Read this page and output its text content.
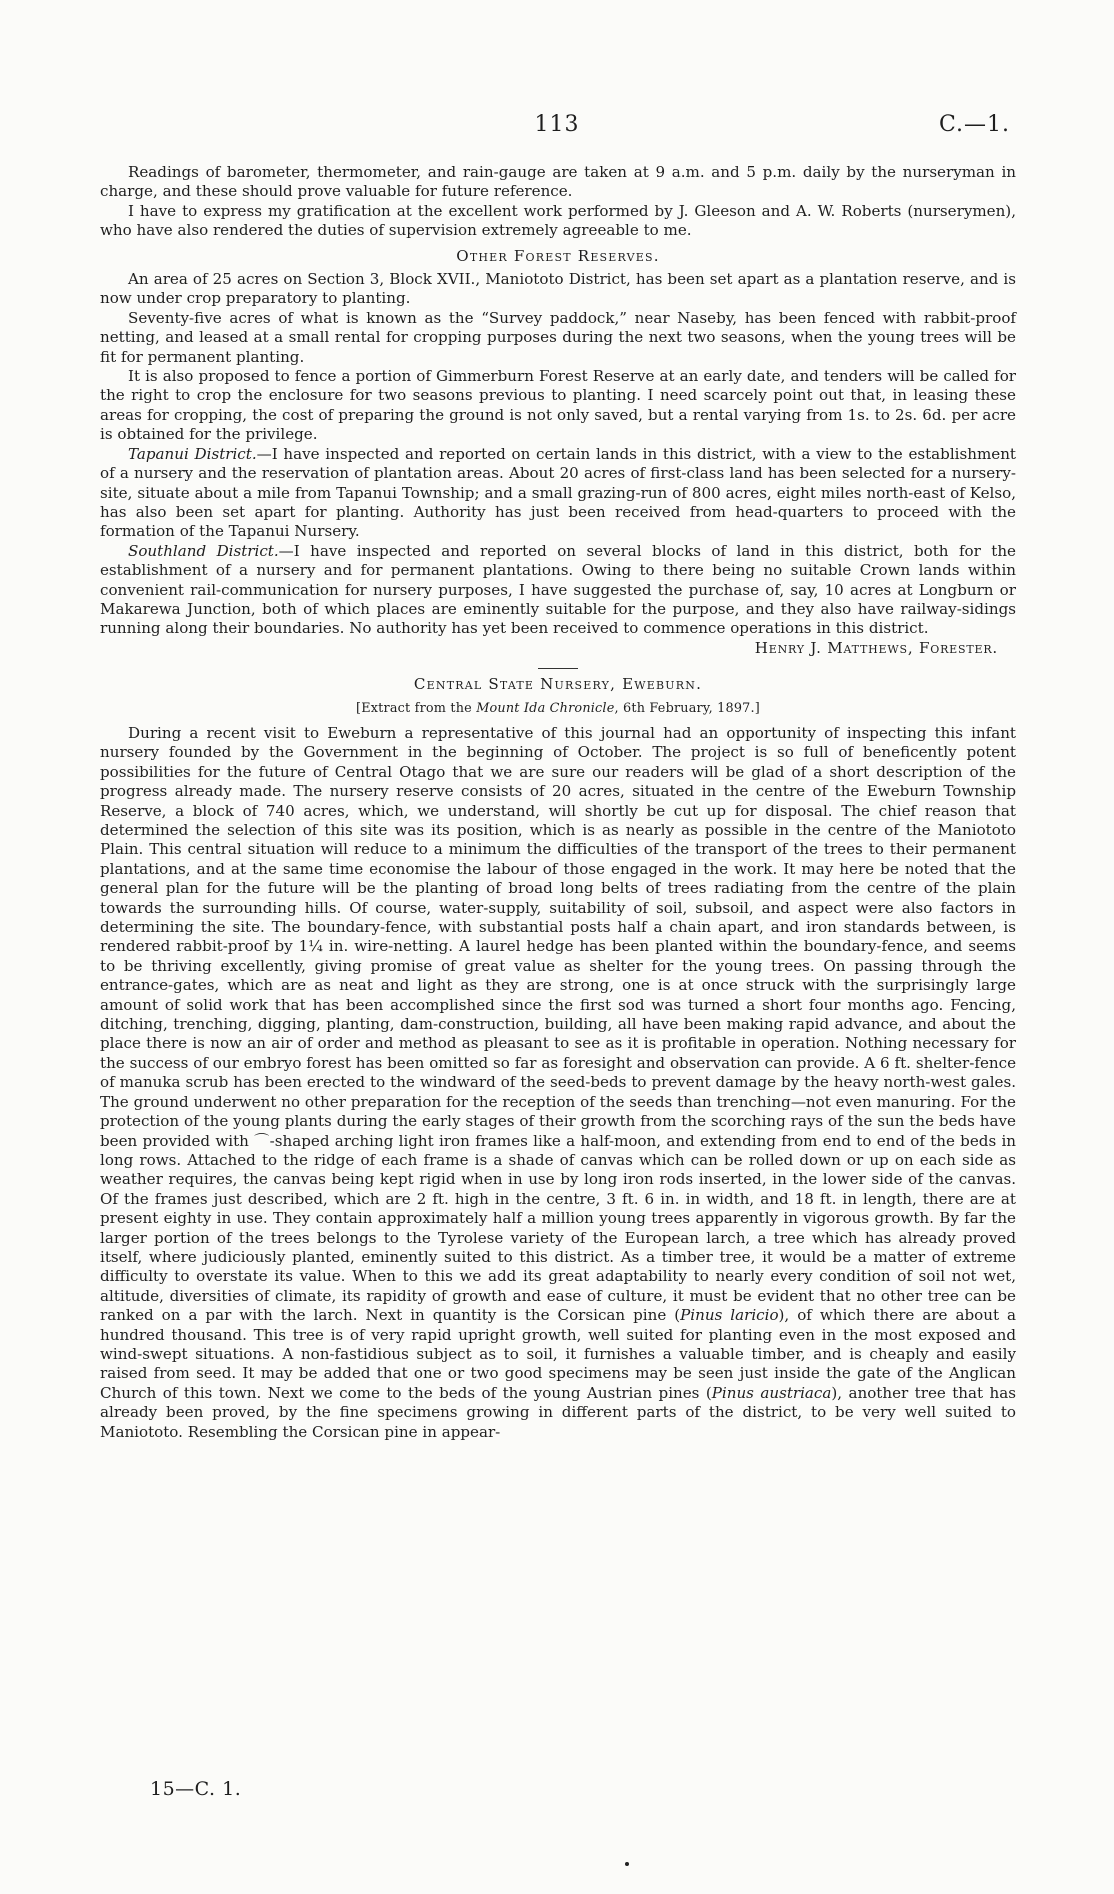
113	C.—1.

Readings of barometer, thermometer, and rain-gauge are taken at 9 a.m. and 5 p.m. daily by the nurseryman in charge, and these should prove valuable for future reference.

I have to express my gratification at the excellent work performed by J. Gleeson and A. W. Roberts (nurserymen), who have also rendered the duties of supervision extremely agreeable to me.

Other Forest Reserves.

An area of 25 acres on Section 3, Block XVII., Maniototo District, has been set apart as a plantation reserve, and is now under crop preparatory to planting.

Seventy-five acres of what is known as the “Survey paddock,” near Naseby, has been fenced with rabbit-proof netting, and leased at a small rental for cropping purposes during the next two seasons, when the young trees will be fit for permanent planting.

It is also proposed to fence a portion of Gimmerburn Forest Reserve at an early date, and tenders will be called for the right to crop the enclosure for two seasons previous to planting. I need scarcely point out that, in leasing these areas for cropping, the cost of preparing the ground is not only saved, but a rental varying from 1s. to 2s. 6d. per acre is obtained for the privilege.

Tapanui District.—I have inspected and reported on certain lands in this district, with a view to the establishment of a nursery and the reservation of plantation areas. About 20 acres of first-class land has been selected for a nursery-site, situate about a mile from Tapanui Township; and a small grazing-run of 800 acres, eight miles north-east of Kelso, has also been set apart for planting. Authority has just been received from head-quarters to proceed with the formation of the Tapanui Nursery.

Southland District.—I have inspected and reported on several blocks of land in this district, both for the establishment of a nursery and for permanent plantations. Owing to there being no suitable Crown lands within convenient rail-communication for nursery purposes, I have suggested the purchase of, say, 10 acres at Longburn or Makarewa Junction, both of which places are eminently suitable for the purpose, and they also have railway-sidings running along their boundaries. No authority has yet been received to commence operations in this district.

Henry J. Matthews, Forester.
Central State Nursery, Eweburn.
[Extract from the Mount Ida Chronicle, 6th February, 1897.]

During a recent visit to Eweburn a representative of this journal had an opportunity of inspecting this infant nursery founded by the Government in the beginning of October. The project is so full of beneficently potent possibilities for the future of Central Otago that we are sure our readers will be glad of a short description of the progress already made. The nursery reserve consists of 20 acres, situated in the centre of the Eweburn Township Reserve, a block of 740 acres, which, we understand, will shortly be cut up for disposal. The chief reason that determined the selection of this site was its position, which is as nearly as possible in the centre of the Maniototo Plain. This central situation will reduce to a minimum the difficulties of the transport of the trees to their permanent plantations, and at the same time economise the labour of those engaged in the work. It may here be noted that the general plan for the future will be the planting of broad long belts of trees radiating from the centre of the plain towards the surrounding hills. Of course, water-supply, suitability of soil, subsoil, and aspect were also factors in determining the site. The boundary-fence, with substantial posts half a chain apart, and iron standards between, is rendered rabbit-proof by 1¼ in. wire-netting. A laurel hedge has been planted within the boundary-fence, and seems to be thriving excellently, giving promise of great value as shelter for the young trees. On passing through the entrance-gates, which are as neat and light as they are strong, one is at once struck with the surprisingly large amount of solid work that has been accomplished since the first sod was turned a short four months ago. Fencing, ditching, trenching, digging, planting, dam-construction, building, all have been making rapid advance, and about the place there is now an air of order and method as pleasant to see as it is profitable in operation. Nothing necessary for the success of our embryo forest has been omitted so far as foresight and observation can provide. A 6 ft. shelter-fence of manuka scrub has been erected to the windward of the seed-beds to prevent damage by the heavy north-west gales. The ground underwent no other preparation for the reception of the seeds than trenching—not even manuring. For the protection of the young plants during the early stages of their growth from the scorching rays of the sun the beds have been provided with ⌒-shaped arching light iron frames like a half-moon, and extending from end to end of the beds in long rows. Attached to the ridge of each frame is a shade of canvas which can be rolled down or up on each side as weather requires, the canvas being kept rigid when in use by long iron rods inserted, in the lower side of the canvas. Of the frames just described, which are 2 ft. high in the centre, 3 ft. 6 in. in width, and 18 ft. in length, there are at present eighty in use. They contain approximately half a million young trees apparently in vigorous growth. By far the larger portion of the trees belongs to the Tyrolese variety of the European larch, a tree which has already proved itself, where judiciously planted, eminently suited to this district. As a timber tree, it would be a matter of extreme difficulty to overstate its value. When to this we add its great adaptability to nearly every condition of soil not wet, altitude, diversities of climate, its rapidity of growth and ease of culture, it must be evident that no other tree can be ranked on a par with the larch. Next in quantity is the Corsican pine (Pinus laricio), of which there are about a hundred thousand. This tree is of very rapid upright growth, well suited for planting even in the most exposed and wind-swept situations. A non-fastidious subject as to soil, it furnishes a valuable timber, and is cheaply and easily raised from seed. It may be added that one or two good specimens may be seen just inside the gate of the Anglican Church of this town. Next we come to the beds of the young Austrian pines (Pinus austriaca), another tree that has already been proved, by the fine specimens growing in different parts of the district, to be very well suited to Maniototo. Resembling the Corsican pine in appear-

15—C. 1.
